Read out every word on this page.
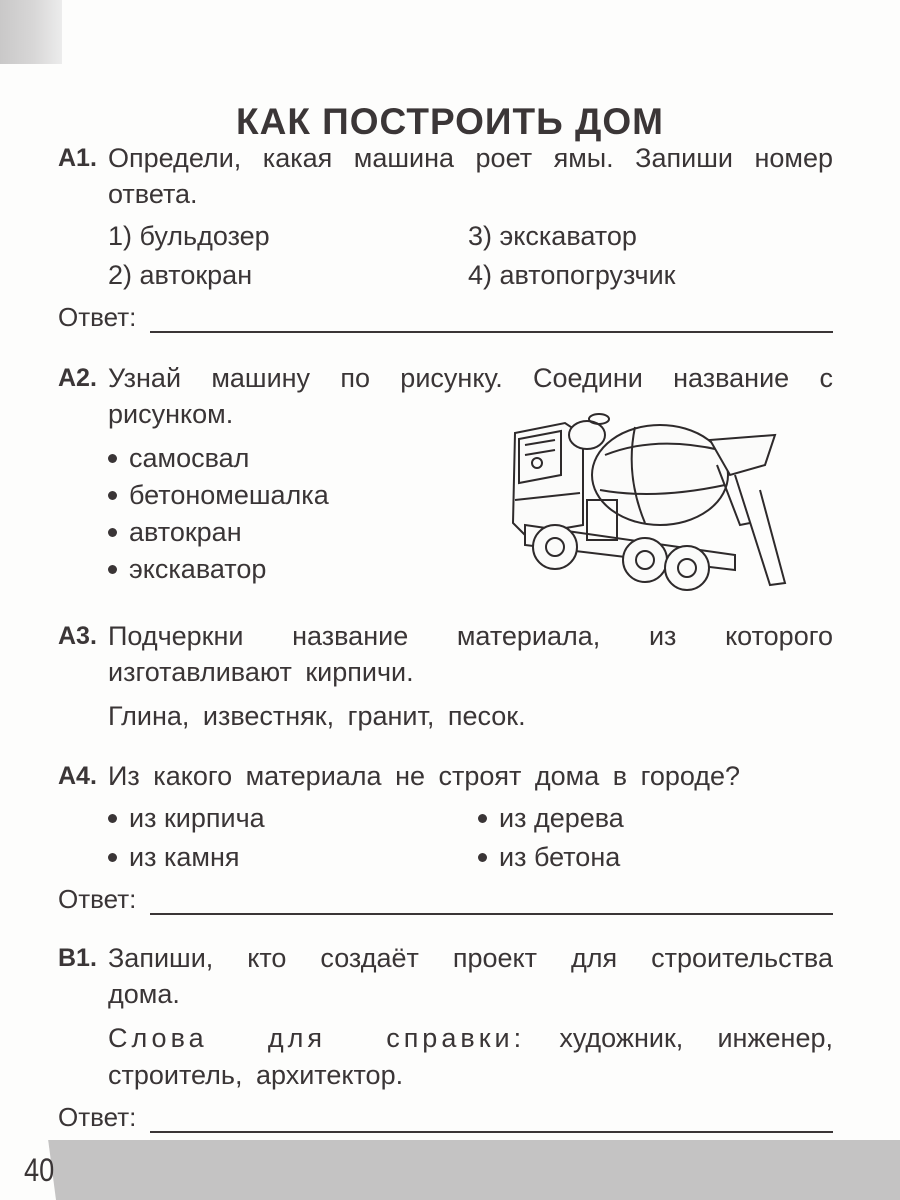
КАК ПОСТРОИТЬ ДОМ
А1. Определи, какая машина роет ямы. Запиши номер ответа.
1) бульдозер	3) экскаватор
2) автокран	4) автопогрузчик
Ответ:
А2. Узнай машину по рисунку. Соедини название с рисунком.
самосвал
бетономешалка
автокран
экскаватор
А3. Подчеркни название материала, из которого изготавливают кирпичи.
Глина, известняк, гранит, песок.
А4. Из какого материала не строят дома в городе?
из кирпича	из дерева
из камня	из бетона
Ответ:
В1. Запиши, кто создаёт проект для строительства дома.
Слова для справки: художник, инженер, строитель, архитектор.
Ответ:
40
